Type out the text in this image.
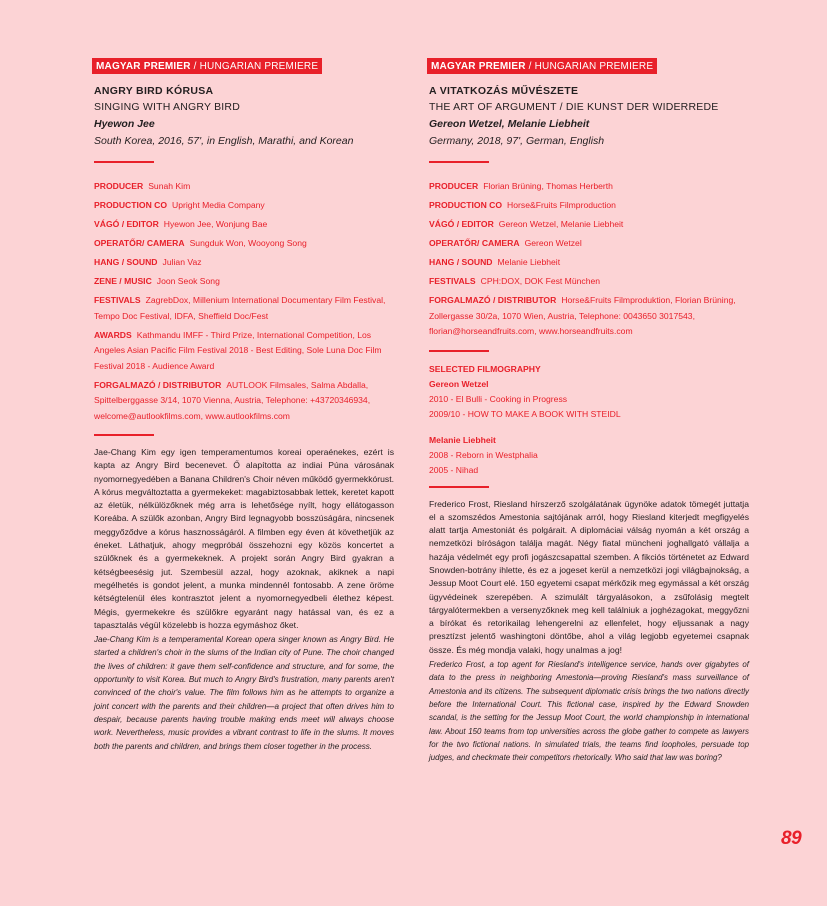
MAGYAR PREMIER / HUNGARIAN PREMIERE
ANGRY BIRD KÓRUSA
SINGING WITH ANGRY BIRD
Hyewon Jee
South Korea, 2016, 57', in English, Marathi, and Korean
PRODUCER Sunah Kim
PRODUCTION CO Upright Media Company
VÁGÓ / EDITOR Hyewon Jee, Wonjung Bae
OPERATŐR/ CAMERA Sungduk Won, Wooyong Song
HANG / SOUND Julian Vaz
ZENE / MUSIC Joon Seok Song
FESTIVALS ZagrebDox, Millenium International Documentary Film Festival, Tempo Doc Festival, IDFA, Sheffield Doc/Fest
AWARDS Kathmandu IMFF - Third Prize, International Competition, Los Angeles Asian Pacific Film Festival 2018 - Best Editing, Sole Luna Doc Film Festival 2018 - Audience Award
FORGALMAZÓ / DISTRIBUTOR AUTLOOK Filmsales, Salma Abdalla, Spittelberggasse 3/14, 1070 Vienna, Austria, Telephone: +43720346934, welcome@autlookfilms.com, www.autlookfilms.com
Jae-Chang Kim egy igen temperamentumos koreai operaénekes, ezért is kapta az Angry Bird becenevet. Ő alapította az indiai Púna városának nyomornegyedében a Banana Children's Choir néven működő gyermekkórust. A kórus megváltoztatta a gyermekeket: magabiztosabbak lettek, keretet kapott az életük, nélkülözőknek még arra is lehetősége nyílt, hogy ellátogasson Koreába. A szülők azonban, Angry Bird legnagyobb bosszúságára, nincsenek meggyőződve a kórus hasznosságáról. A filmben egy éven át követhetjük az éneket. Láthatjuk, ahogy megpróbál összehozni egy közös koncertet a szülőknek és a gyermekeknek. A projekt során Angry Bird gyakran a kétségbeesésig jut. Szembesül azzal, hogy azoknak, akiknek a napi megélhetés is gondot jelent, a munka mindennél fontosabb. A zene öröme kétségtelenül éles kontrasztot jelent a nyomornegyedbeli élethez képest. Mégis, gyermekekre és szülőkre egyaránt nagy hatással van, és ez a tapasztalás végül közelebb is hozza egymáshoz őket.
Jae-Chang Kim is a temperamental Korean opera singer known as Angry Bird. He started a children's choir in the slums of the Indian city of Pune. The choir changed the lives of children: it gave them self-confidence and structure, and for some, the opportunity to visit Korea. But much to Angry Bird's frustration, many parents aren't convinced of the choir's value. The film follows him as he attempts to organize a joint concert with the parents and their children—a project that often drives him to despair, because parents having trouble making ends meet will always choose work. Nevertheless, music provides a vibrant contrast to life in the slums. It moves both the parents and children, and brings them closer together in the process.
MAGYAR PREMIER / HUNGARIAN PREMIERE
A VITATKOZÁS MŰVÉSZETE
THE ART OF ARGUMENT / DIE KUNST DER WIDERREDE
Gereon Wetzel, Melanie Liebheit
Germany, 2018, 97', German, English
PRODUCER Florian Brüning, Thomas Herberth
PRODUCTION CO Horse&Fruits Filmproduction
VÁGÓ / EDITOR Gereon Wetzel, Melanie Liebheit
OPERATŐR/ CAMERA Gereon Wetzel
HANG / SOUND Melanie Liebheit
FESTIVALS CPH:DOX, DOK Fest München
FORGALMAZÓ / DISTRIBUTOR Horse&Fruits Filmproduktion, Florian Brüning, Zollergasse 30/2a, 1070 Wien, Austria, Telephone: 0043650 3017543, florian@horseandfruits.com, www.horseandfruits.com
SELECTED FILMOGRAPHY
Gereon Wetzel
2010 - El Bulli - Cooking in Progress
2009/10 - HOW TO MAKE A BOOK WITH STEIDL
Melanie Liebheit
2008 - Reborn in Westphalia
2005 - Nihad
Frederico Frost, Riesland hírszerző szolgálatának ügynöke adatok tömegét juttatja el a szomszédos Amestonia sajtójának arról, hogy Riesland kiterjedt megfigyelés alatt tartja Amestoniát és polgárait. A diplomáciai válság nyomán a két ország a nemzetközi bíróságon találja magát. Négy fiatal müncheni joghallgató vállalja a hazája védelmét egy profi jogászcsapattal szemben. A fikciós történetet az Edward Snowden-botrány ihlette, és ez a jogeset kerül a nemzetközi jogi világbajnokság, a Jessup Moot Court elé. 150 egyetemi csapat mérkőzik meg egymással a két ország ügyvédeinek szerepében. A szimulált tárgyalásokon, a zsűfolásig megtelt tárgyalótermekben a versenyzőknek meg kell találniuk a joghézagokat, meggyőzni a bírókat és retorikailag lehengerelni az ellenfelet, hogy eljussanak a nagy presztízst jelentő washingtoni döntőbe, ahol a világ legjobb egyetemei csapnak össze. És még mondja valaki, hogy unalmas a jog!
Frederico Frost, a top agent for Riesland's intelligence service, hands over gigabytes of data to the press in neighboring Amestonia—proving Riesland's mass surveillance of Amestonia and its citizens. The subsequent diplomatic crisis brings the two nations directly before the International Court. This fictional case, inspired by the Edward Snowden scandal, is the setting for the Jessup Moot Court, the world championship in international law. About 150 teams from top universities across the globe gather to compete as lawyers for the two fictional nations. In simulated trials, the teams find loopholes, persuade top judges, and checkmate their competitors rhetorically. Who said that law was boring?
89
